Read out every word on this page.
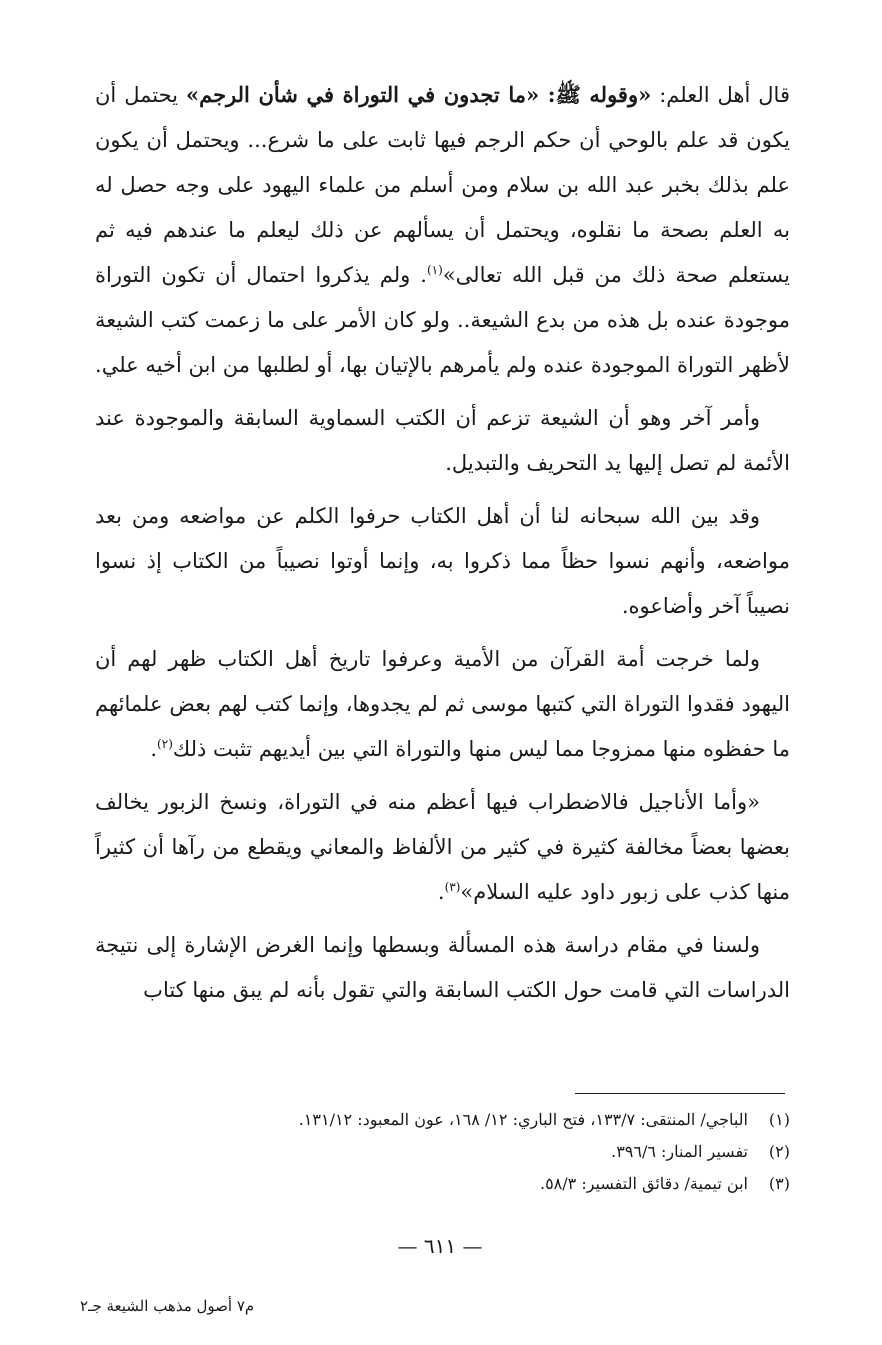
قال أهل العلم: «وقوله ﷺ: «ما تجدون في التوراة في شأن الرجم» يحتمل أن يكون قد علم بالوحي أن حكم الرجم فيها ثابت على ما شرع... ويحتمل أن يكون علم بذلك بخبر عبد الله بن سلام ومن أسلم من علماء اليهود على وجه حصل له به العلم بصحة ما نقلوه، ويحتمل أن يسألهم عن ذلك ليعلم ما عندهم فيه ثم يستعلم صحة ذلك من قبل الله تعالى»$^{(١)}$. ولم يذكروا احتمال أن تكون التوراة موجودة عنده بل هذه من بدع الشيعة.. ولو كان الأمر على ما زعمت كتب الشيعة لأظهر التوراة الموجودة عنده ولم يأمرهم بالإتيان بها، أو لطلبها من ابن أخيه علي.

وأمر آخر وهو أن الشيعة تزعم أن الكتب السماوية السابقة والموجودة عند الأئمة لم تصل إليها يد التحريف والتبديل.

وقد بين الله سبحانه لنا أن أهل الكتاب حرفوا الكلم عن مواضعه ومن بعد مواضعه، وأنهم نسوا حظاً مما ذكروا به، وإنما أوتوا نصيباً من الكتاب إذ نسوا نصيباً آخر وأضاعوه.

ولما خرجت أمة القرآن من الأمية وعرفوا تاريخ أهل الكتاب ظهر لهم أن اليهود فقدوا التوراة التي كتبها موسى ثم لم يجدوها، وإنما كتب لهم بعض علمائهم ما حفظوه منها ممزوجا مما ليس منها والتوراة التي بين أيديهم تثبت ذلك$^{(٢)}$.

«وأما الأناجيل فالاضطراب فيها أعظم منه في التوراة، ونسخ الزبور يخالف بعضها بعضاً مخالفة كثيرة في كثير من الألفاظ والمعاني ويقطع من رآها أن كثيراً منها كذب على زبور داود عليه السلام»$^{(٣)}$.

ولسنا في مقام دراسة هذه المسألة وبسطها وإنما الغرض الإشارة إلى نتيجة الدراسات التي قامت حول الكتب السابقة والتي تقول بأنه لم يبق منها كتاب

(١)الباجي/ المنتقى: ١٣٣/٧، فتح الباري: ١٢/ ١٦٨، عون المعبود: ١٣١/١٢.
(٢)تفسير المنار: ٣٩٦/٦.
(٣)ابن تيمية/ دقائق التفسير: ٥٨/٣.
— ٦١١ —
م٧ أصول مذهب الشيعة جـ٢
